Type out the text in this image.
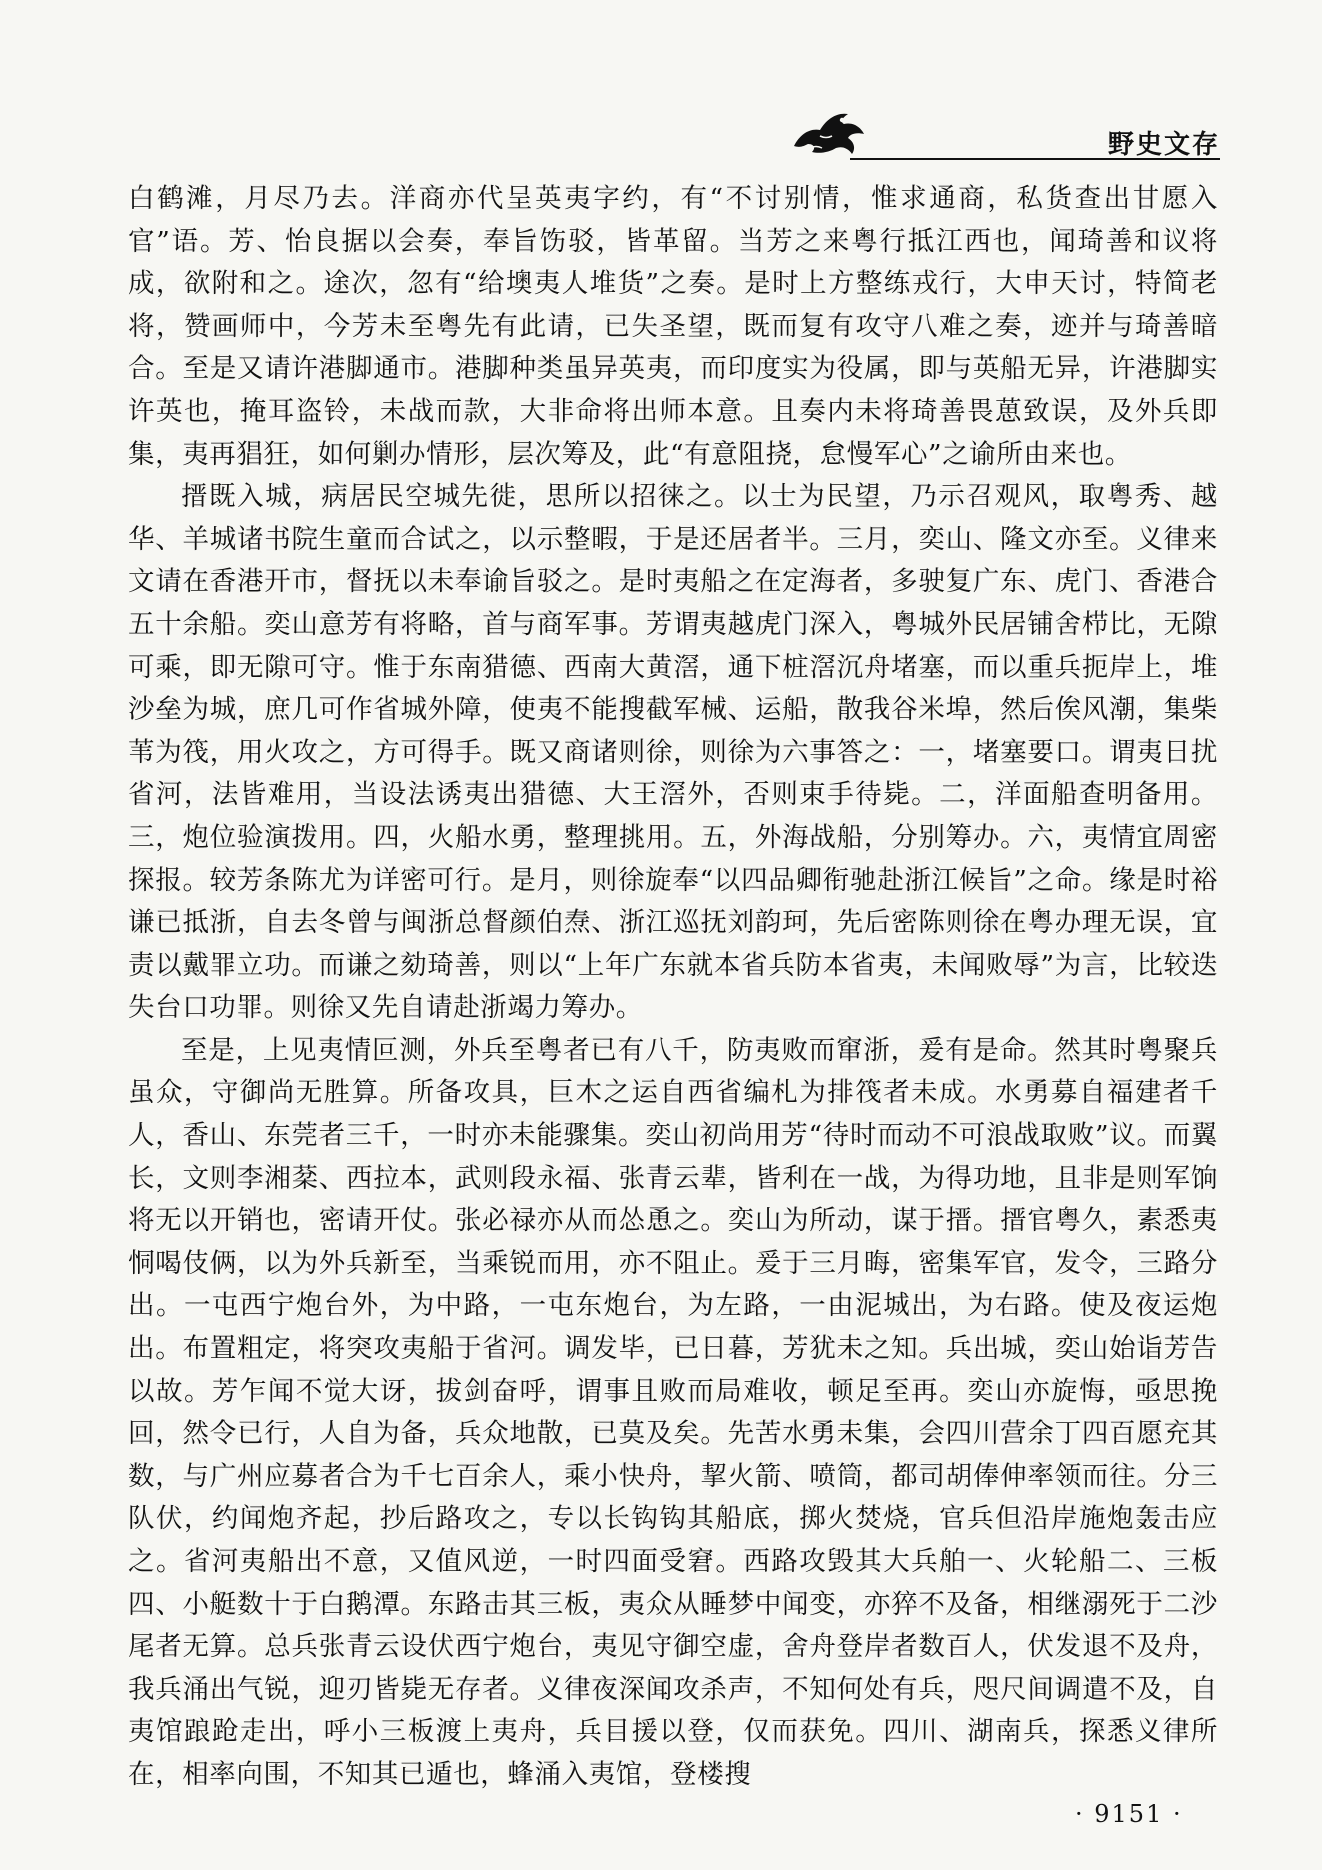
野史文存

白鹤滩，月尽乃去。洋商亦代呈英夷字约，有“不讨别情，惟求通商，私货查出甘愿入官”语。芳、怡良据以会奏，奉旨饬驳，皆革留。当芳之来粤行抵江西也，闻琦善和议将成，欲附和之。途次，忽有“给墺夷人堆货”之奏。是时上方整练戎行，大申天讨，特简老将，赞画师中，今芳未至粤先有此请，已失圣望，既而复有攻守八难之奏，迹并与琦善暗合。至是又请许港脚通市。港脚种类虽异英夷，而印度实为役属，即与英船无异，许港脚实许英也，掩耳盗铃，未战而款，大非命将出师本意。且奏内未将琦善畏葸致误，及外兵即集，夷再猖狂，如何剿办情形，层次筹及，此“有意阻挠，怠慢军心”之谕所由来也。

搢既入城，病居民空城先徙，思所以招徕之。以士为民望，乃示召观风，取粤秀、越华、羊城诸书院生童而合试之，以示整暇，于是还居者半。三月，奕山、隆文亦至。义律来文请在香港开市，督抚以未奉谕旨驳之。是时夷船之在定海者，多驶复广东、虎门、香港合五十余船。奕山意芳有将略，首与商军事。芳谓夷越虎门深入，粤城外民居铺舍栉比，无隙可乘，即无隙可守。惟于东南猎德、西南大黄滘，通下桩滘沉舟堵塞，而以重兵扼岸上，堆沙垒为城，庶几可作省城外障，使夷不能搜截军械、运船，散我谷米埠，然后俟风潮，集柴苇为筏，用火攻之，方可得手。既又商诸则徐，则徐为六事答之：一，堵塞要口。谓夷日扰省河，法皆难用，当设法诱夷出猎德、大王滘外，否则束手待毙。二，洋面船查明备用。三，炮位验演拨用。四，火船水勇，整理挑用。五，外海战船，分别筹办。六，夷情宜周密探报。较芳条陈尤为详密可行。是月，则徐旋奉“以四品卿衔驰赴浙江候旨”之命。缘是时裕谦已抵浙，自去冬曾与闽浙总督颜伯焘、浙江巡抚刘韵珂，先后密陈则徐在粤办理无误，宜责以戴罪立功。而谦之劾琦善，则以“上年广东就本省兵防本省夷，未闻败辱”为言，比较迭失台口功罪。则徐又先自请赴浙竭力筹办。

至是，上见夷情叵测，外兵至粤者已有八千，防夷败而窜浙，爰有是命。然其时粤聚兵虽众，守御尚无胜算。所备攻具，巨木之运自西省编札为排筏者未成。水勇募自福建者千人，香山、东莞者三千，一时亦未能骤集。奕山初尚用芳“待时而动不可浪战取败”议。而翼长，文则李湘棻、西拉本，武则段永福、张青云辈，皆利在一战，为得功地，且非是则军饷将无以开销也，密请开仗。张必禄亦从而怂恿之。奕山为所动，谋于搢。搢官粤久，素悉夷恫喝伎俩，以为外兵新至，当乘锐而用，亦不阻止。爰于三月晦，密集军官，发令，三路分出。一屯西宁炮台外，为中路，一屯东炮台，为左路，一由泥城出，为右路。使及夜运炮出。布置粗定，将突攻夷船于省河。调发毕，已日暮，芳犹未之知。兵出城，奕山始诣芳告以故。芳乍闻不觉大讶，拔剑奋呼，谓事且败而局难收，顿足至再。奕山亦旋悔，亟思挽回，然令已行，人自为备，兵众地散，已莫及矣。先苦水勇未集，会四川营余丁四百愿充其数，与广州应募者合为千七百余人，乘小快舟，挈火箭、喷筒，都司胡俸伸率领而往。分三队伏，约闻炮齐起，抄后路攻之，专以长钩钩其船底，掷火焚烧，官兵但沿岸施炮轰击应之。省河夷船出不意，又值风逆，一时四面受窘。西路攻毁其大兵舶一、火轮船二、三板四、小艇数十于白鹅潭。东路击其三板，夷众从睡梦中闻变，亦猝不及备，相继溺死于二沙尾者无算。总兵张青云设伏西宁炮台，夷见守御空虚，舍舟登岸者数百人，伏发退不及舟，我兵涌出气锐，迎刃皆毙无存者。义律夜深闻攻杀声，不知何处有兵，咫尺间调遣不及，自夷馆踉跄走出，呼小三板渡上夷舟，兵目援以登，仅而获免。四川、湖南兵，探悉义律所在，相率向围，不知其已遁也，蜂涌入夷馆，登楼搜

· 9151 ·
